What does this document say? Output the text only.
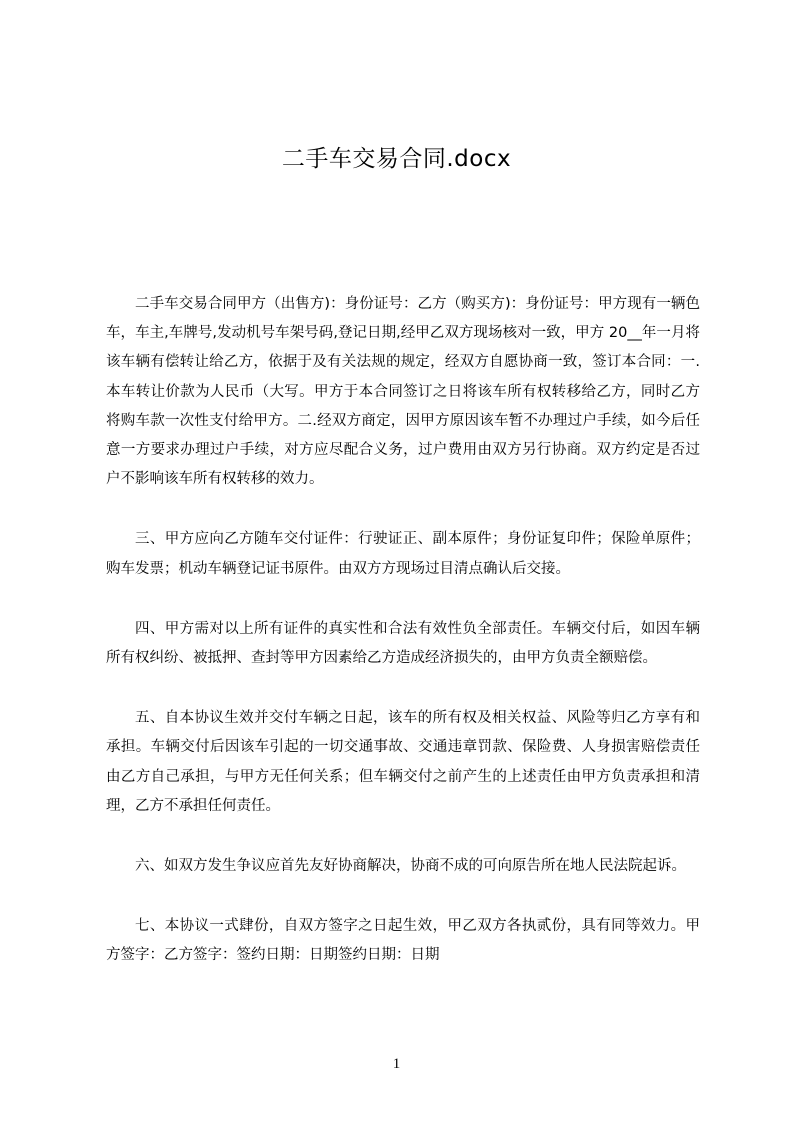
二手车交易合同.docx

二手车交易合同甲方（出售方)：身份证号：乙方（购买方)：身份证号：甲方现有一辆色车，车主,车牌号,发动机号车架号码,登记日期,经甲乙双方现场核对一致，甲方 20__年一月将该车辆有偿转让给乙方，依据于及有关法规的规定，经双方自愿协商一致，签订本合同：一.本车转让价款为人民币（大写。甲方于本合同签订之日将该车所有权转移给乙方，同时乙方将购车款一次性支付给甲方。二.经双方商定，因甲方原因该车暂不办理过户手续，如今后任意一方要求办理过户手续，对方应尽配合义务，过户费用由双方另行协商。双方约定是否过户不影响该车所有权转移的效力。

三、甲方应向乙方随车交付证件：行驶证正、副本原件；身份证复印件；保险单原件；购车发票；机动车辆登记证书原件。由双方方现场过目清点确认后交接。

四、甲方需对以上所有证件的真实性和合法有效性负全部责任。车辆交付后，如因车辆所有权纠纷、被抵押、查封等甲方因素给乙方造成经济损失的，由甲方负责全额赔偿。

五、自本协议生效并交付车辆之日起，该车的所有权及相关权益、风险等归乙方享有和承担。车辆交付后因该车引起的一切交通事故、交通违章罚款、保险费、人身损害赔偿责任由乙方自己承担，与甲方无任何关系；但车辆交付之前产生的上述责任由甲方负责承担和清理，乙方不承担任何责任。

六、如双方发生争议应首先友好协商解决，协商不成的可向原告所在地人民法院起诉。

七、本协议一式肆份，自双方签字之日起生效，甲乙双方各执贰份，具有同等效力。甲方签字：乙方签字：签约日期：日期签约日期：日期

1
